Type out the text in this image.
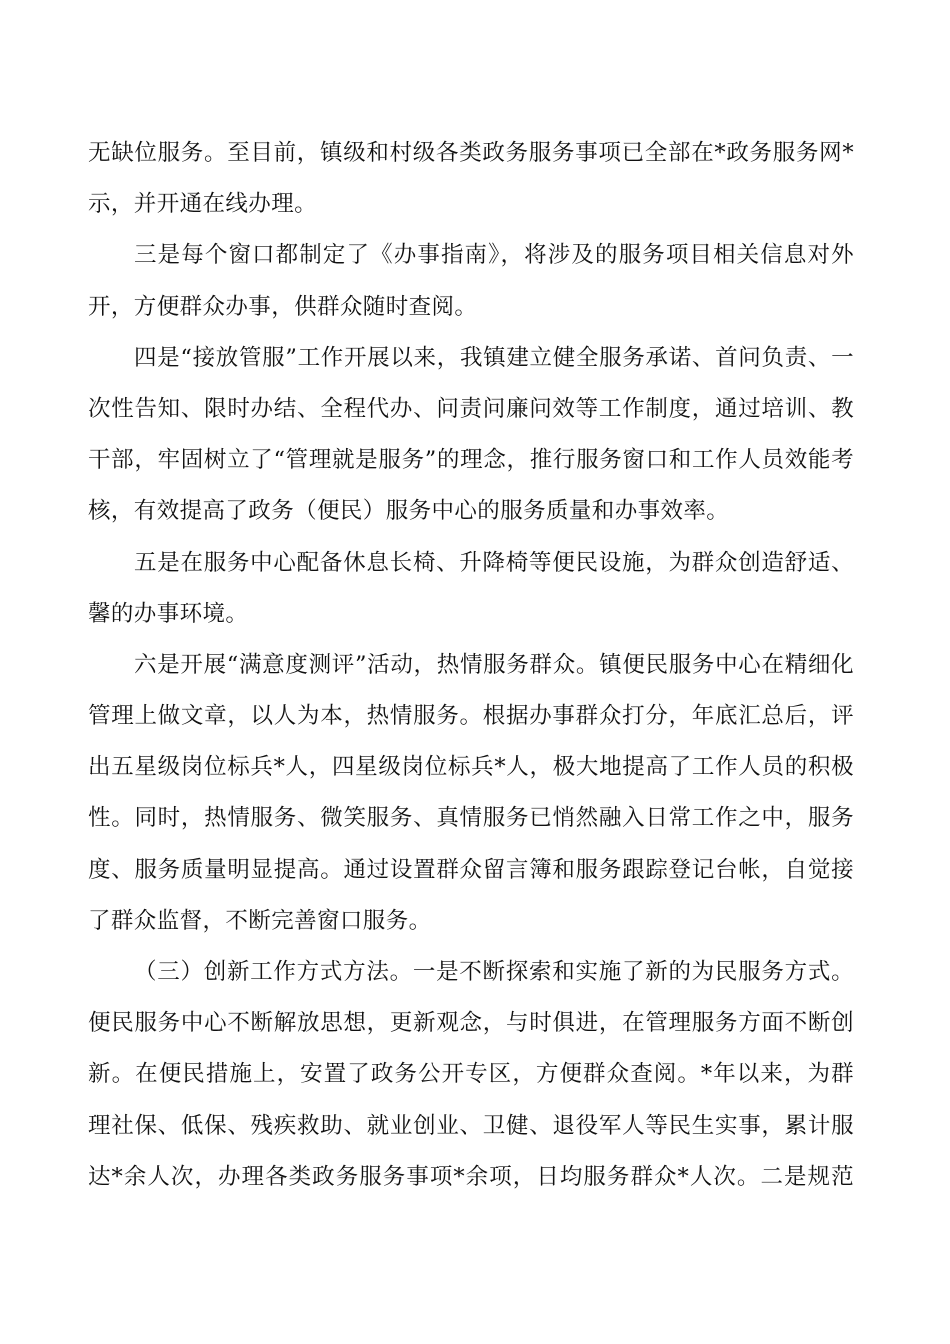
无缺位服务。至目前，镇级和村级各类政务服务事项已全部在*政务服务网*
示，并开通在线办理。
三是每个窗口都制定了《办事指南》，将涉及的服务项目相关信息对外
开，方便群众办事，供群众随时查阅。
四是“接放管服”工作开展以来，我镇建立健全服务承诺、首问负责、一
次性告知、限时办结、全程代办、问责问廉问效等工作制度，通过培训、教
干部，牢固树立了“管理就是服务”的理念，推行服务窗口和工作人员效能考
核，有效提高了政务（便民）服务中心的服务质量和办事效率。
五是在服务中心配备休息长椅、升降椅等便民设施，为群众创造舒适、
馨的办事环境。
六是开展“满意度测评”活动，热情服务群众。镇便民服务中心在精细化
管理上做文章，以人为本，热情服务。根据办事群众打分，年底汇总后，评
出五星级岗位标兵*人，四星级岗位标兵*人，极大地提高了工作人员的积极
性。同时，热情服务、微笑服务、真情服务已悄然融入日常工作之中，服务
度、服务质量明显提高。通过设置群众留言簿和服务跟踪登记台帐，自觉接
了群众监督，不断完善窗口服务。
（三）创新工作方式方法。一是不断探索和实施了新的为民服务方式。
便民服务中心不断解放思想，更新观念，与时俱进，在管理服务方面不断创
新。在便民措施上，安置了政务公开专区，方便群众查阅。*年以来，为群
理社保、低保、残疾救助、就业创业、卫健、退役军人等民生实事，累计服
达*余人次，办理各类政务服务事项*余项，日均服务群众*人次。二是规范
